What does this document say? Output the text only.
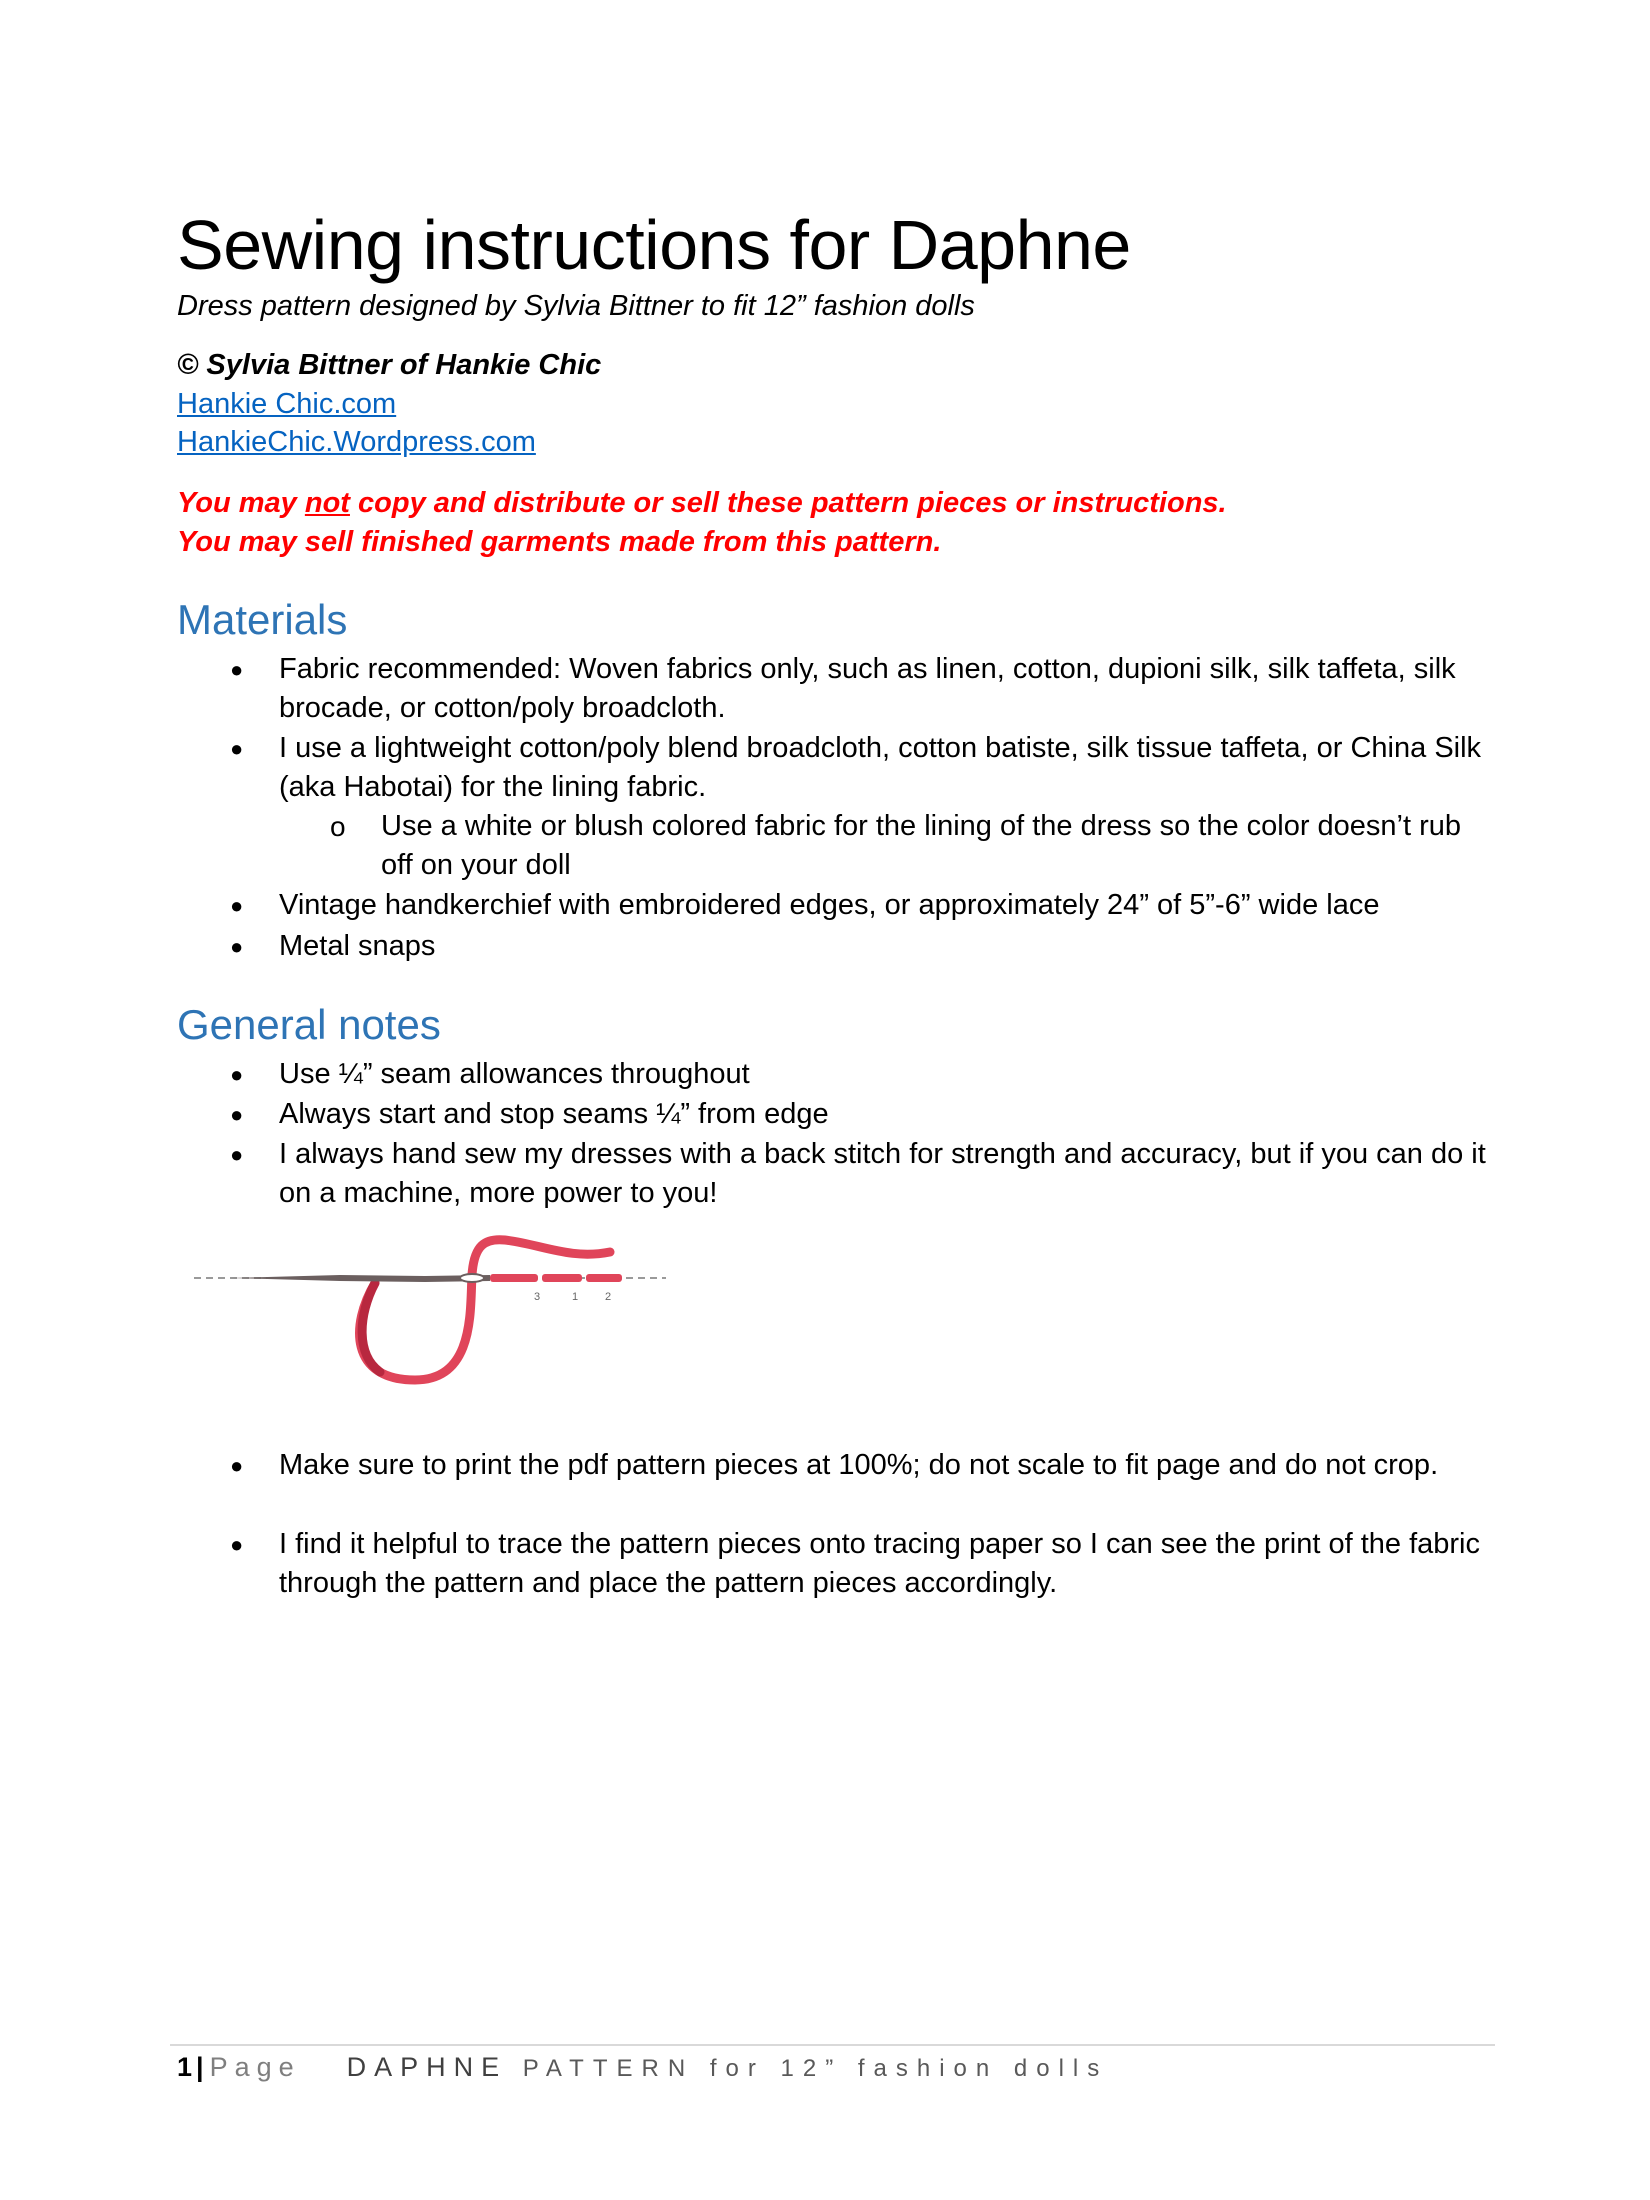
Sewing instructions for Daphne
Dress pattern designed by Sylvia Bittner to fit 12” fashion dolls
© Sylvia Bittner of Hankie Chic
Hankie Chic.com
HankieChic.Wordpress.com
You may not copy and distribute or sell these pattern pieces or instructions.
You may sell finished garments made from this pattern.
Materials
● Fabric recommended: Woven fabrics only, such as linen, cotton, dupioni silk, silk taffeta, silk brocade, or cotton/poly broadcloth.
● I use a lightweight cotton/poly blend broadcloth, cotton batiste, silk tissue taffeta, or China Silk (aka Habotai) for the lining fabric.
o Use a white or blush colored fabric for the lining of the dress so the color doesn’t rub off on your doll
● Vintage handkerchief with embroidered edges, or approximately 24” of 5”-6” wide lace
● Metal snaps
General notes
● Use ¼” seam allowances throughout
● Always start and stop seams ¼” from edge
● I always hand sew my dresses with a back stitch for strength and accuracy, but if you can do it on a machine, more power to you!
3	1 2
● Make sure to print the pdf pattern pieces at 100%; do not scale to fit page and do not crop.
● I find it helpful to trace the pattern pieces onto tracing paper so I can see the print of the fabric through the pattern and place the pattern pieces accordingly.
1 | Page DAPHNE PATTERN for 12” fashion dolls
